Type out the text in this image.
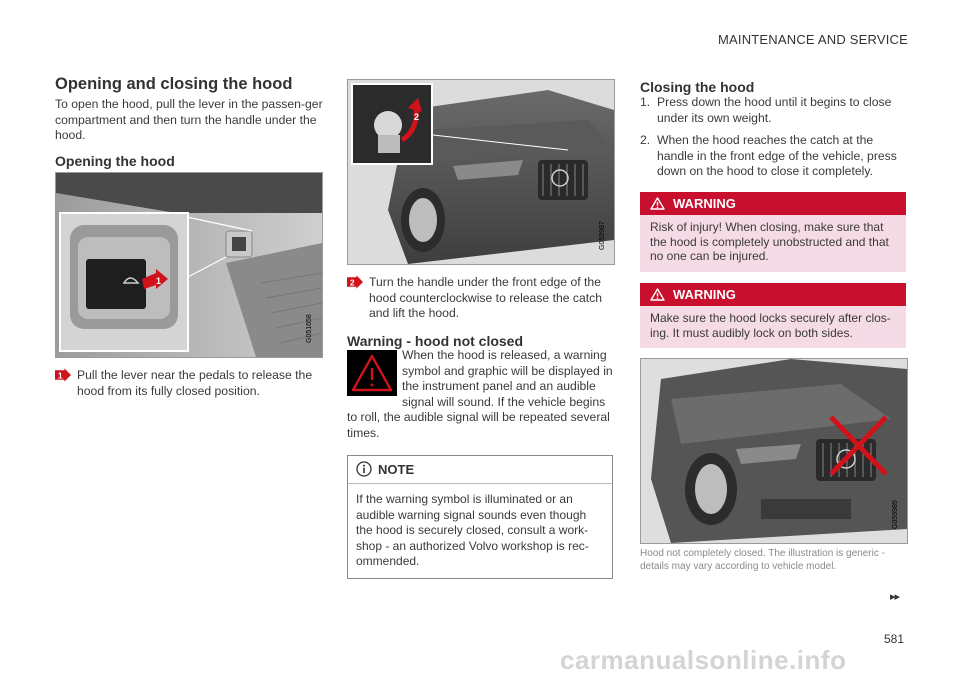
MAINTENANCE AND SERVICE
Opening and closing the hood
To open the hood, pull the lever in the passen-ger compartment and then turn the handle under the hood.
Opening the hood
1
G051658
1 Pull the lever near the pedals to release the hood from its fully closed position.
2
G059987
2 Turn the handle under the front edge of the hood counterclockwise to release the catch and lift the hood.
Warning - hood not closed
When the hood is released, a warning symbol and graphic will be displayed in the instrument panel and an audible signal will sound. If the vehicle begins to roll, the audible signal will be repeated several times.
NOTE
If the warning symbol is illuminated or an audible warning signal sounds even though the hood is securely closed, consult a work-shop - an authorized Volvo workshop is rec-ommended.
Closing the hood
1. Press down the hood until it begins to close under its own weight.
2. When the hood reaches the catch at the handle in the front edge of the vehicle, press down on the hood to close it completely.
WARNING
Risk of injury! When closing, make sure that the hood is completely unobstructed and that no one can be injured.
WARNING
Make sure the hood locks securely after clos-ing. It must audibly lock on both sides.
G059989
Hood not completely closed. The illustration is generic - details may vary according to vehicle model.
▸▸
581
carmanualsonline.info
